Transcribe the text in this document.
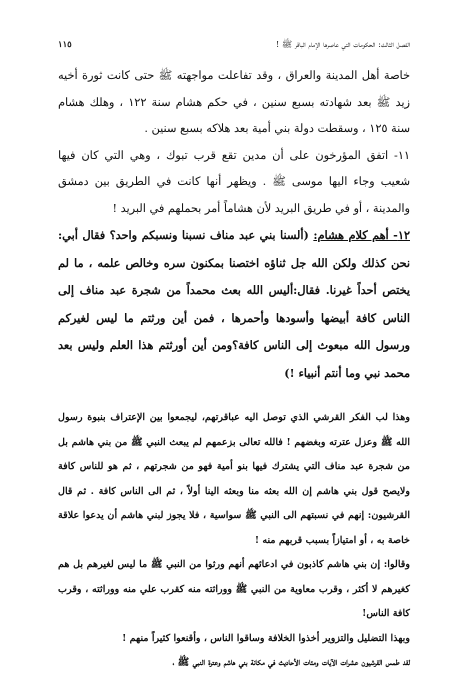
الفصل الثالث: الحكومات التي عاصرها الإمام الباقر ﷺ !
١١٥

خاصة أهل المدينة والعراق ، وقد تفاعلت مواجهته ﷺ حتى كانت ثورة أخيه زيد ﷺ بعد شهادته بسبع سنين ، في حكم هشام سنة ١٢٢ ، وهلك هشام سنة ١٢٥ ، وسقطت دولة بني أمية بعد هلاكه بسبع سنين .

١١- اتفق المؤرخون على أن مدين تقع قرب تبوك ، وهي التي كان فيها شعيب وجاء اليها موسى ﷺ . ويظهر أنها كانت في الطريق بين دمشق والمدينة ، أو في طريق البريد لأن هشاماً أمر بحملهم في البريد !

١٢- أهم كلام هشام: (ألسنا بني عبد مناف نسبنا ونسبكم واحد؟ فقال أبي: نحن كذلك ولكن الله جل ثناؤه اختصنا بمكنون سره وخالص علمه ، ما لم يختص أحداً غيرنا. فقال:أليس الله بعث محمداً من شجرة عبد مناف إلى الناس كافة أبيضها وأسودها وأحمرها ، فمن أين ورثتم ما ليس لغيركم ورسول الله مبعوث إلى الناس كافة؟ومن أين أورثتم هذا العلم وليس بعد محمد نبي وما أنتم أنبياء !)

وهذا لب الفكر القرشي الذي توصل اليه عباقرتهم، ليجمعوا بين الإعتراف بنبوة رسول الله ﷺ وعزل عترته وبغضهم ! فالله تعالى بزعمهم لم يبعث النبي ﷺ من بني هاشم بل من شجرة عبد مناف التي يشترك فيها بنو أمية فهو من شجرتهم ، ثم هو للناس كافة ولايصح قول بني هاشم إن الله بعثه منا وبعثه الينا أولاً ، ثم الى الناس كافة . ثم قال القرشيون: إنهم في نسبتهم الى النبي ﷺ سواسية ، فلا يجوز لبني هاشم أن يدعوا علاقة خاصة به ، أو امتيازاً بسبب قربهم منه !

وقالوا: إن بني هاشم كاذبون في ادعائهم أنهم ورثوا من النبي ﷺ ما ليس لغيرهم بل هم كغيرهم لا أكثر ، وقرب معاوية من النبي ﷺ ووراثته منه كقرب علي منه ووراثته ، وقرب كافة الناس!

وبهذا التضليل والتزوير أخذوا الخلافة وساقوا الناس ، وأقنعوا كثيراً منهم !

لقد طمس القرشيون عشرات الآيات ومئات الأحاديث في مكانة بني هاشم وعترة النبي ﷺ ،
